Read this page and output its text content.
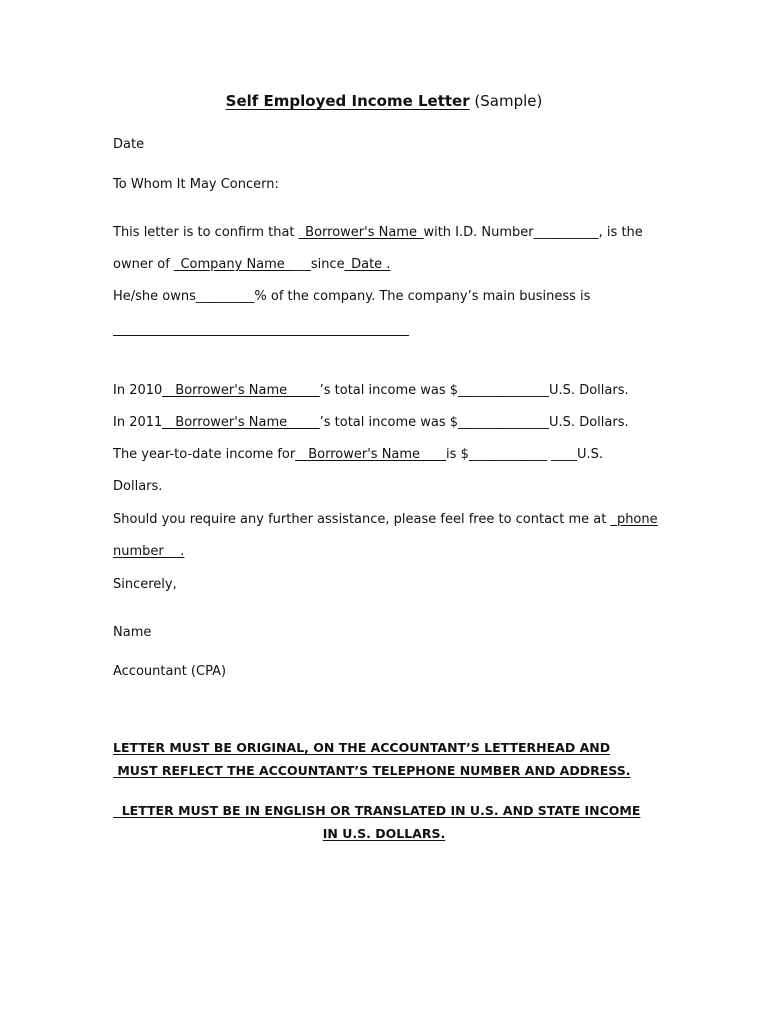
Self Employed Income Letter (Sample)
Date
To Whom It May Concern:
This letter is to confirm that _Borrower's Name_with I.D. Number__________, is the
owner of _Company Name____since_Date .
He/she owns_________% of the company. The company’s main business is
In 2010__Borrower's Name_____’s total income was $______________U.S. Dollars.
In 2011__Borrower's Name_____’s total income was $______________U.S. Dollars.
The year-to-date income for__Borrower's Name____is $____________ ____U.S.
Dollars.
Should you require any further assistance, please feel free to contact me at _phone
number    .
Sincerely,
Name
Accountant (CPA)
LETTER MUST BE ORIGINAL, ON THE ACCOUNTANT’S LETTERHEAD AND
MUST REFLECT THE ACCOUNTANT’S TELEPHONE NUMBER AND ADDRESS.
LETTER MUST BE IN ENGLISH OR TRANSLATED IN U.S. AND STATE INCOME
IN U.S. DOLLARS.
